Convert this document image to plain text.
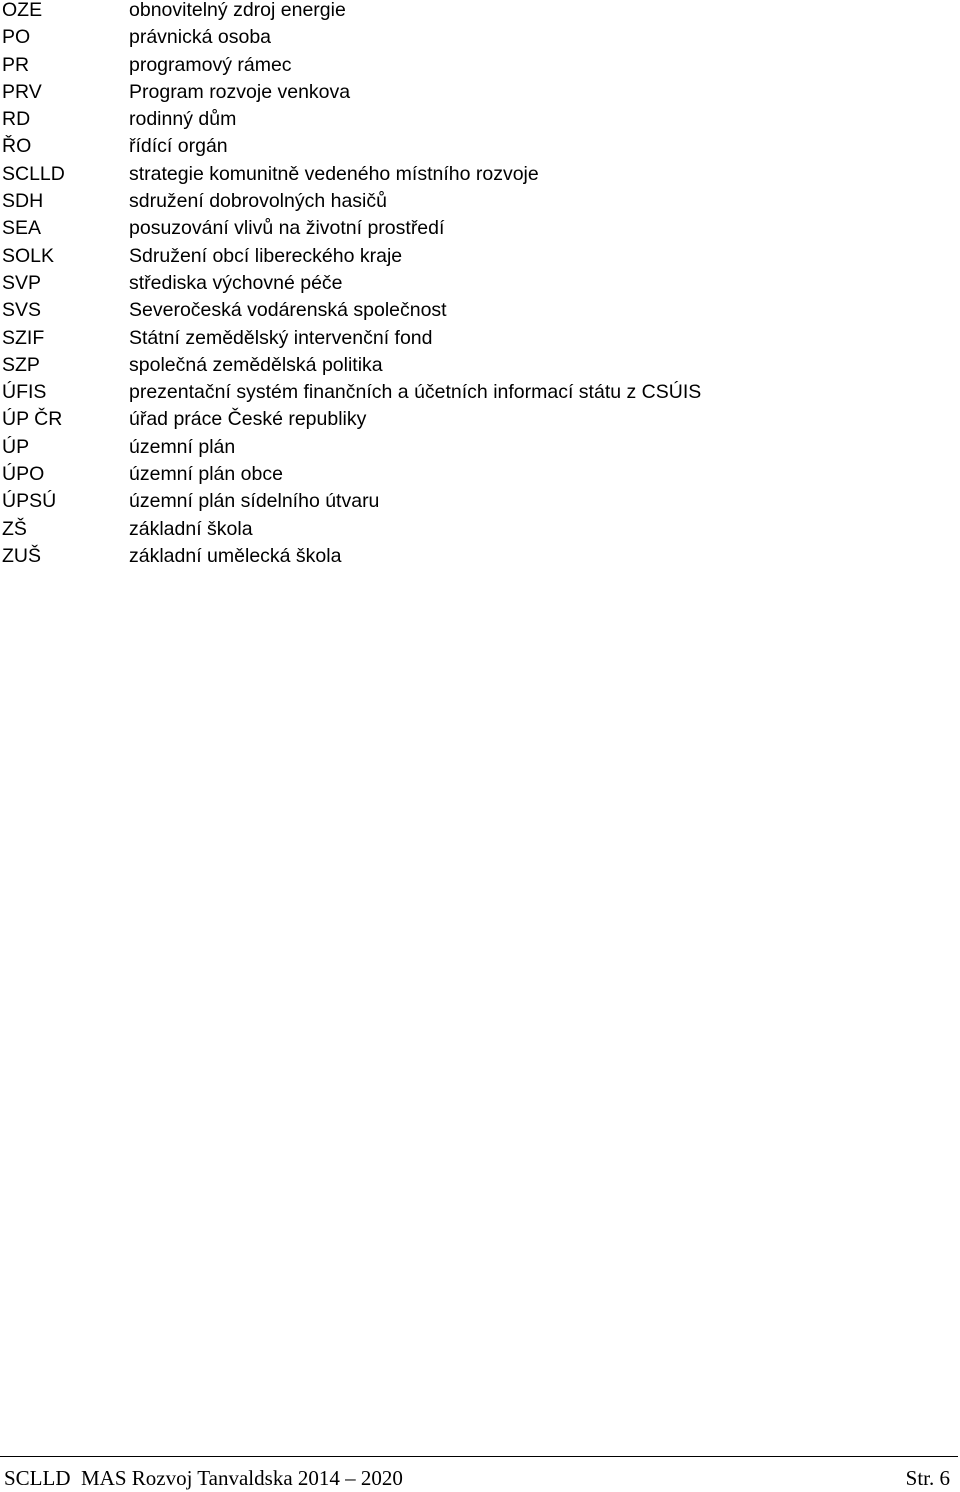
OZE	obnovitelný zdroj energie
PO	právnická osoba
PR	programový rámec
PRV	Program rozvoje venkova
RD	rodinný dům
ŘO	řídící orgán
SCLLD	strategie komunitně vedeného místního rozvoje
SDH	sdružení dobrovolných hasičů
SEA	posuzování vlivů na životní prostředí
SOLK	Sdružení obcí libereckého kraje
SVP	střediska výchovné péče
SVS	Severočeská vodárenská společnost
SZIF	Státní zemědělský intervenční fond
SZP	společná zemědělská politika
ÚFIS	prezentační systém finančních a účetních informací státu z CSÚIS
ÚP ČR	úřad práce České republiky
ÚP	územní plán
ÚPO	územní plán obce
ÚPSÚ	územní plán sídelního útvaru
ZŠ	základní škola
ZUŠ	základní umělecká škola
SCLLD  MAS Rozvoj Tanvaldska 2014 – 2020	Str. 6
